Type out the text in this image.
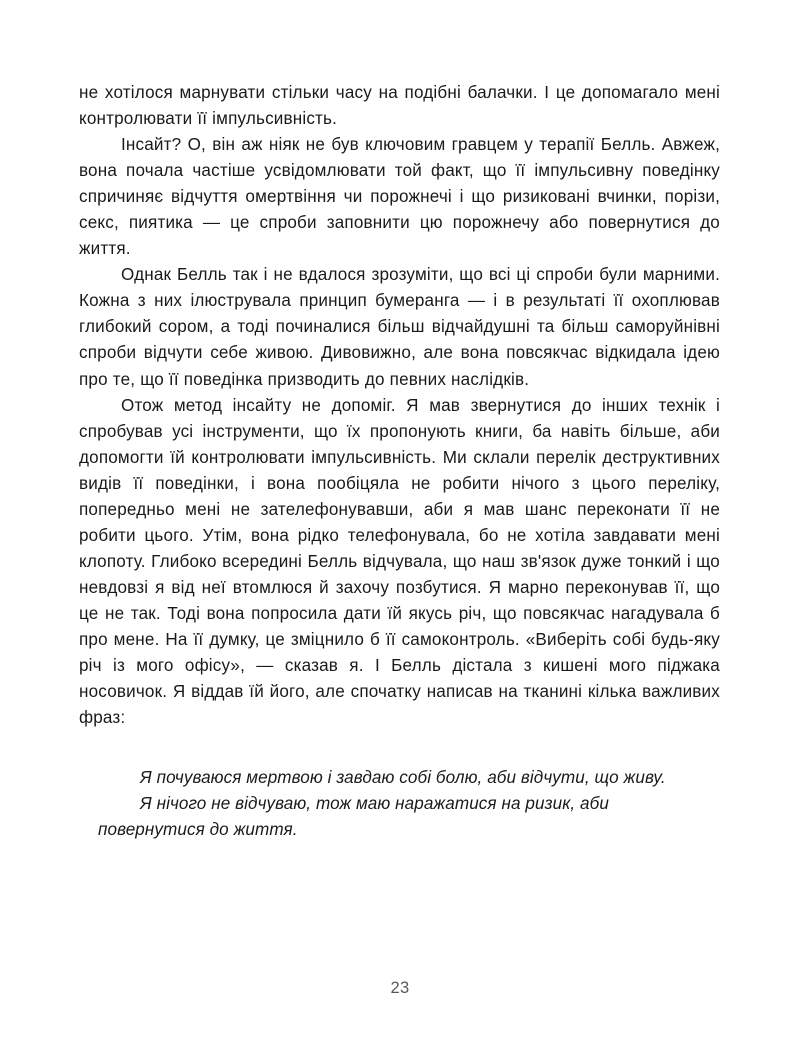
не хотілося марнувати стільки часу на подібні балачки. І це допомагало мені контролювати її імпульсивність.

Інсайт? О, він аж ніяк не був ключовим гравцем у терапії Белль. Авжеж, вона почала частіше усвідомлювати той факт, що її імпульсивну поведінку спричиняє відчуття омертвіння чи порожнечі і що ризиковані вчинки, порізи, секс, пиятика — це спроби заповнити цю порожнечу або повернутися до життя.

Однак Белль так і не вдалося зрозуміти, що всі ці спроби були марними. Кожна з них ілюструвала принцип бумеранга — і в результаті її охоплював глибокий сором, а тоді починалися більш відчайдушні та більш саморуйнівні спроби відчути себе живою. Дивовижно, але вона повсякчас відкидала ідею про те, що її поведінка призводить до певних наслідків.

Отож метод інсайту не допоміг. Я мав звернутися до інших технік і спробував усі інструменти, що їх пропонують книги, ба навіть більше, аби допомогти їй контролювати імпульсивність. Ми склали перелік деструктивних видів її поведінки, і вона пообіцяла не робити нічого з цього переліку, попередньо мені не зателефонувавши, аби я мав шанс переконати її не робити цього. Утім, вона рідко телефонувала, бо не хотіла завдавати мені клопоту. Глибоко всередині Белль відчувала, що наш зв'язок дуже тонкий і що невдовзі я від неї втомлюся й захочу позбутися. Я марно переконував її, що це не так. Тоді вона попросила дати їй якусь річ, що повсякчас нагадувала б про мене. На її думку, це зміцнило б її самоконтроль. «Виберіть собі будь-яку річ із мого офісу», — сказав я. І Белль дістала з кишені мого піджака носовичок. Я віддав їй його, але спочатку написав на тканині кілька важливих фраз:

Я почуваюся мертвою і завдаю собі болю, аби відчути, що живу.

Я нічого не відчуваю, тож маю наражатися на ризик, аби повернутися до життя.

23
